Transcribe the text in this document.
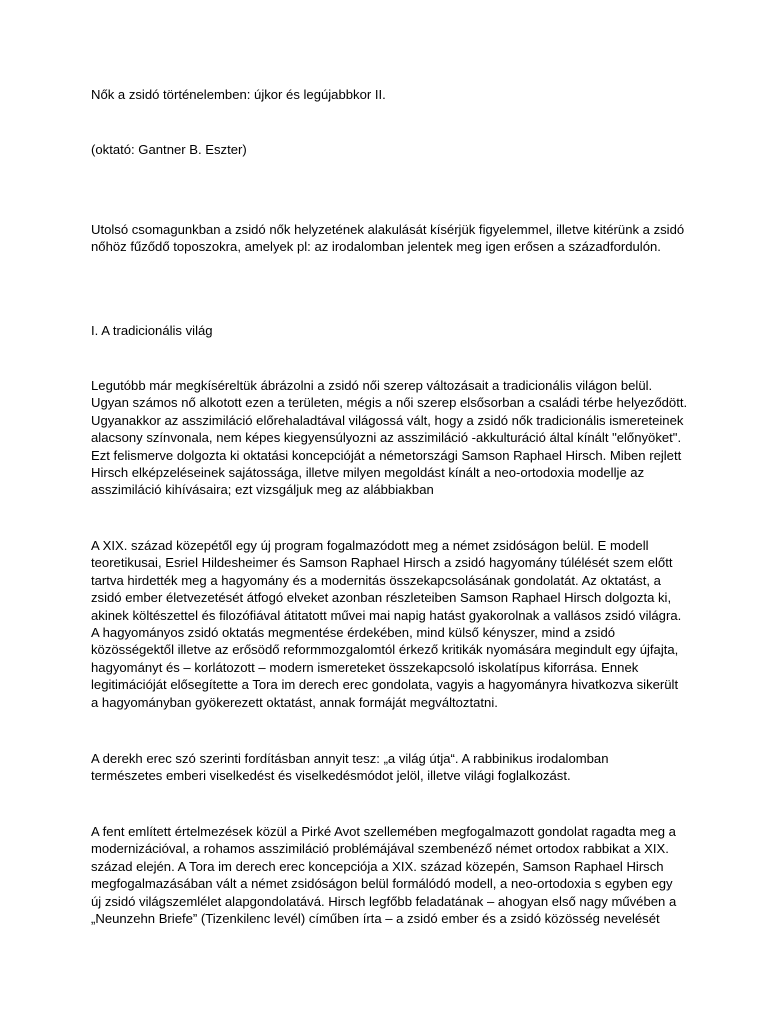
Nők a zsidó történelemben: újkor és legújabbkor II.

(oktató: Gantner B. Eszter)

Utolsó csomagunkban a zsidó nők helyzetének alakulását kísérjük figyelemmel, illetve kitérünk a zsidó
nőhöz fűződő toposzokra, amelyek pl: az irodalomban jelentek meg igen erősen a századfordulón.

I. A tradicionális világ

Legutóbb már megkíséreltük ábrázolni a zsidó női szerep változásait a tradicionális világon belül.
Ugyan számos nő alkotott ezen a területen, mégis a női szerep elsősorban a családi térbe helyeződött.
Ugyanakkor az asszimiláció előrehaladtával világossá vált, hogy a zsidó nők tradicionális ismereteinek
alacsony színvonala, nem képes kiegyensúlyozni az asszimiláció -akkulturáció által kínált "előnyöket".
Ezt felismerve dolgozta ki oktatási koncepcióját a németországi Samson Raphael Hirsch. Miben rejlett
Hirsch elképzeléseinek sajátossága, illetve milyen megoldást kínált a neo-ortodoxia modellje az
asszimiláció kihívásaira; ezt vizsgáljuk meg az alábbiakban
A XIX. század közepétől egy új program fogalmazódott meg a német zsidóságon belül. E modell
teoretikusai, Esriel Hildesheimer és Samson Raphael Hirsch a zsidó hagyomány túlélését szem előtt
tartva hirdették meg a hagyomány és a modernitás összekapcsolásának gondolatát. Az oktatást, a
zsidó ember életvezetését átfogó elveket azonban részleteiben Samson Raphael Hirsch dolgozta ki,
akinek költészettel és filozófiával átitatott művei mai napig hatást gyakorolnak a vallásos zsidó világra.
A hagyományos zsidó oktatás megmentése érdekében, mind külső kényszer, mind a zsidó
közösségektől illetve az erősödő reformmozgalomtól érkező kritikák nyomására megindult egy újfajta,
hagyományt és – korlátozott – modern ismereteket összekapcsoló iskolatípus kiforrása. Ennek
legitimációját elősegítette a Tora im derech erec gondolata, vagyis a hagyományra hivatkozva sikerült
a hagyományban gyökerezett oktatást, annak formáját megváltoztatni.
A derekh erec szó szerinti fordításban annyit tesz: „a világ útja“. A rabbinikus irodalomban
természetes emberi viselkedést és viselkedésmódot jelöl, illetve világi foglalkozást.
A fent említett értelmezések közül a Pirké Avot szellemében megfogalmazott gondolat ragadta meg a
modernizációval, a rohamos asszimiláció problémájával szembenéző német ortodox rabbikat a XIX.
század elején. A Tora im derech erec koncepciója a XIX. század közepén, Samson Raphael Hirsch
megfogalmazásában vált a német zsidóságon belül formálódó modell, a neo-ortodoxia s egyben egy
új zsidó világszemlélet alapgondolatává. Hirsch legfőbb feladatának – ahogyan első nagy művében a
„Neunzehn Briefe” (Tizenkilenc levél) címűben írta – a zsidó ember és a zsidó közösség nevelését
